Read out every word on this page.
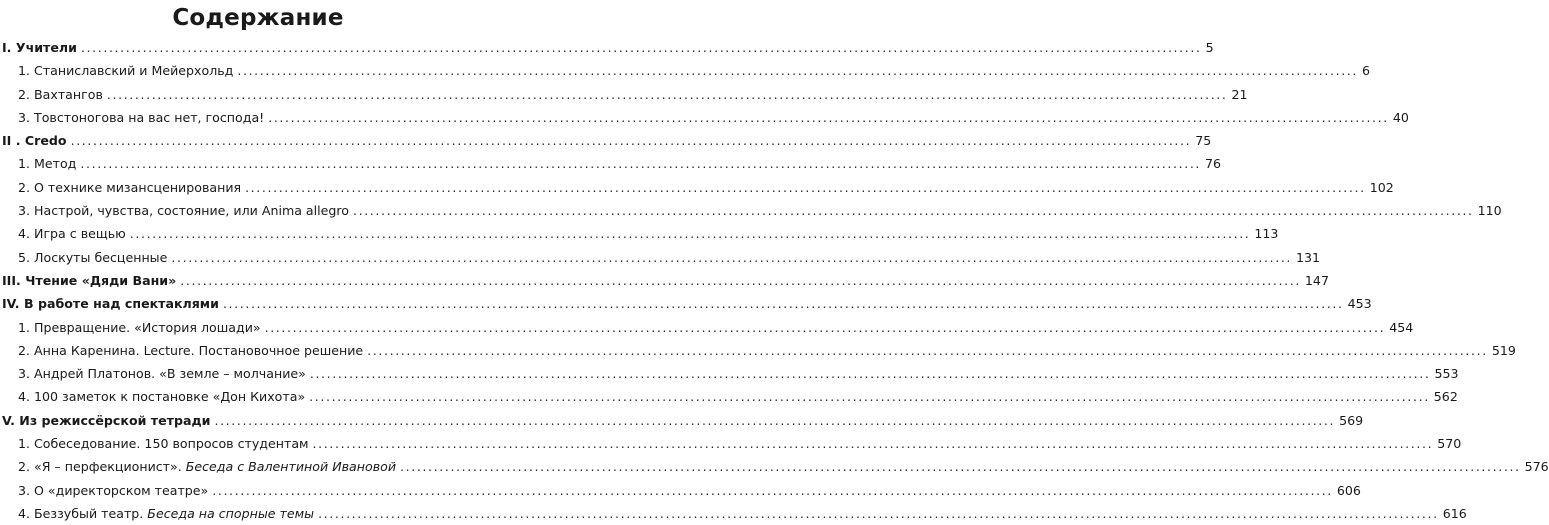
Содержание
I. Учители .....	5
1. Станиславский и Мейерхольд .....	6
2. Вахтангов .....	21
3. Товстоногова на вас нет, господа! .....	40
II . Credo .....	75
1. Метод .....	76
2. О технике мизансценирования .....	102
3. Настрой, чувства, состояние, или Anima allegro .....	110
4. Игра с вещью .....	113
5. Лоскуты бесценные .....	131
III. Чтение «Дяди Вани» .....	147
IV. В работе над спектаклями .....	453
1. Превращение. «История лошади» .....	454
2. Анна Каренина. Lecture. Постановочное решение .....	519
3. Андрей Платонов. «В земле – молчание» .....	553
4. 100 заметок к постановке «Дон Кихота» .....	562
V. Из режиссёрской тетради .....	569
1. Собеседование. 150 вопросов студентам .....	570
2. «Я – перфекционист». Беседа с Валентиной Ивановой .....	576
3. О «директорском театре» .....	606
4. Беззубый театр. Беседа на спорные темы .....	616
